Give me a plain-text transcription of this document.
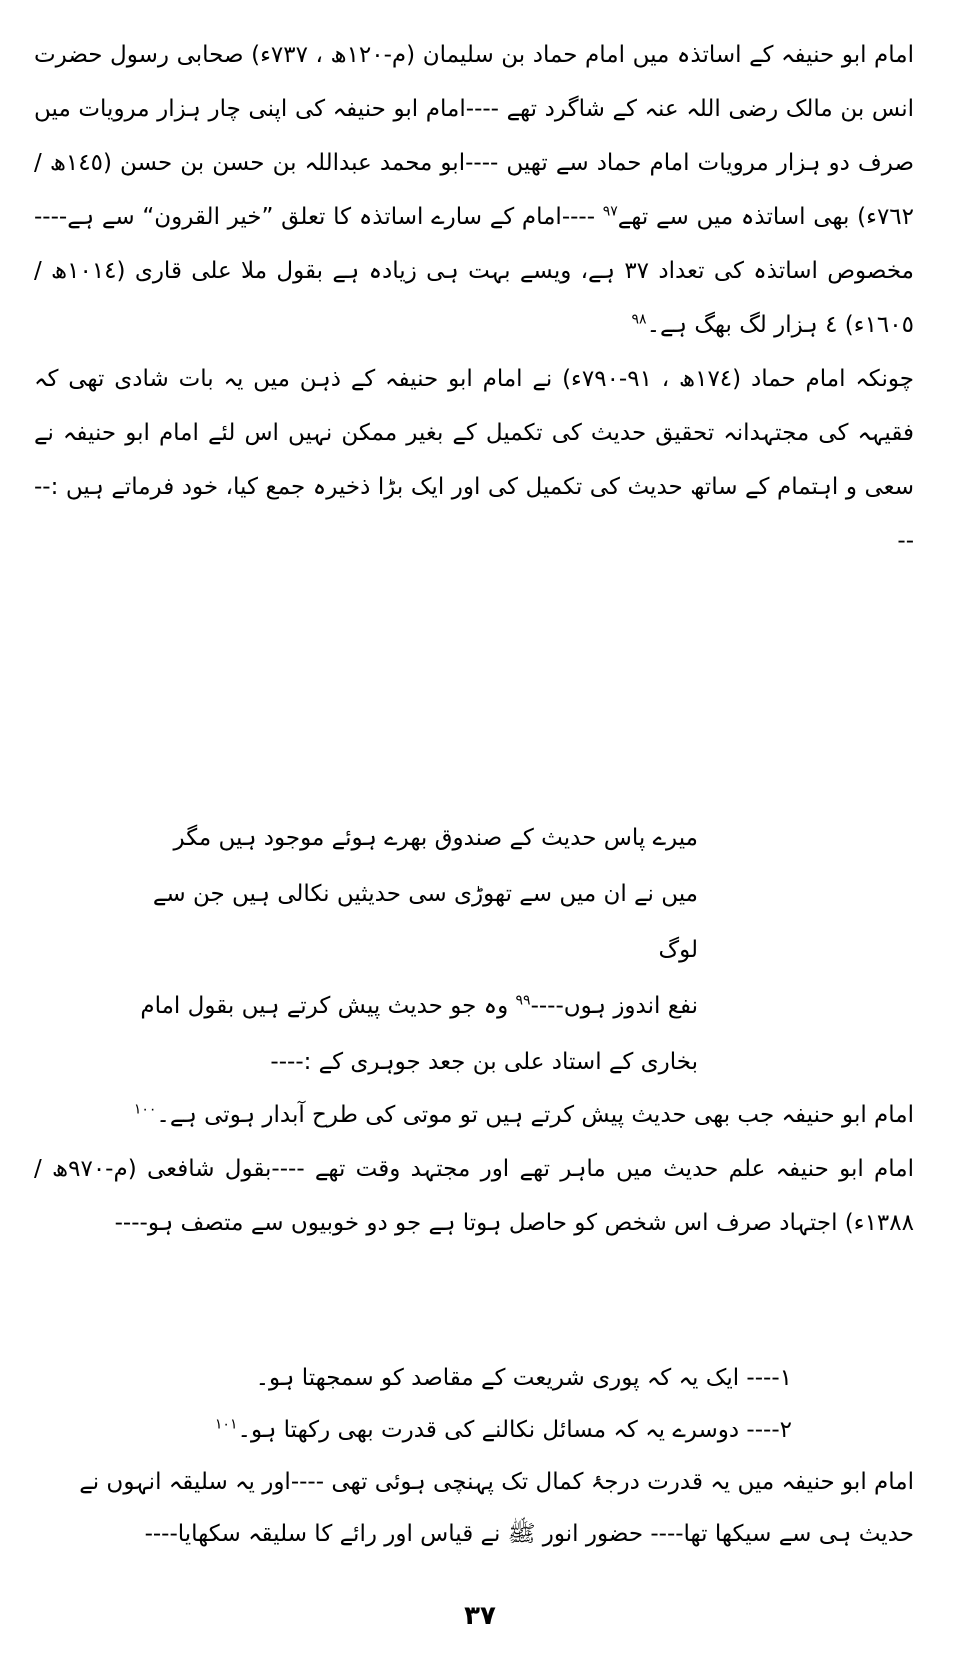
امام ابو حنیفہ کے اساتذہ میں امام حماد بن سلیمان (م-١٢٠ھ ، ٧٣٧ء) صحابی رسول حضرت انس بن مالک رضی اللہ عنہ کے شاگرد تھے ----امام ابو حنیفہ کی اپنی چار ہزار مرویات میں صرف دو ہزار مرویات امام حماد سے تھیں ----ابو محمد عبداللہ بن حسن بن حسن (١٤٥ھ / ٧٦٢ء) بھی اساتذہ میں سے تھے$^{٩٧}$ ----امام کے سارے اساتذہ کا تعلق ”خیر القرون“ سے ہے---- مخصوص اساتذہ کی تعداد ٣٧ ہے، ویسے بہت ہی زیادہ ہے بقول ملا علی قاری (١٠١٤ھ / ١٦٠٥ء) ٤ ہزار لگ بھگ ہے۔$^{٩٨}$

چونکہ امام حماد (١٧٤ھ ، ٩١-٧٩٠ء) نے امام ابو حنیفہ کے ذہن میں یہ بات شادی تھی کہ فقیہہ کی مجتہدانہ تحقیق حدیث کی تکمیل کے بغیر ممکن نہیں اس لئے امام ابو حنیفہ نے سعی و اہتمام کے ساتھ حدیث کی تکمیل کی اور ایک بڑا ذخیرہ جمع کیا، خود فرماتے ہیں :----

میرے پاس حدیث کے صندوق بھرے ہوئے موجود ہیں مگر

میں نے ان میں سے تھوڑی سی حدیثیں نکالی ہیں جن سے لوگ

نفع اندوز ہوں----$^{٩٩}$ وہ جو حدیث پیش کرتے ہیں بقول امام

بخاری کے استاد علی بن جعد جوہری کے :----

امام ابو حنیفہ جب بھی حدیث پیش کرتے ہیں تو موتی کی طرح آبدار ہوتی ہے۔$^{١٠٠}$

امام ابو حنیفہ علم حدیث میں ماہر تھے اور مجتہد وقت تھے ----بقول شافعی (م-٩٧٠ھ / ١٣٨٨ء) اجتہاد صرف اس شخص کو حاصل ہوتا ہے جو دو خوبیوں سے متصف ہو----

١---- ایک یہ کہ پوری شریعت کے مقاصد کو سمجھتا ہو۔

٢---- دوسرے یہ کہ مسائل نکالنے کی قدرت بھی رکھتا ہو۔$^{١٠١}$

امام ابو حنیفہ میں یہ قدرت درجۂ کمال تک پہنچی ہوئی تھی ----اور یہ سلیقہ انہوں نے حدیث ہی سے سیکھا تھا---- حضور انور ﷺ نے قیاس اور رائے کا سلیقہ سکھایا----

٣٧
